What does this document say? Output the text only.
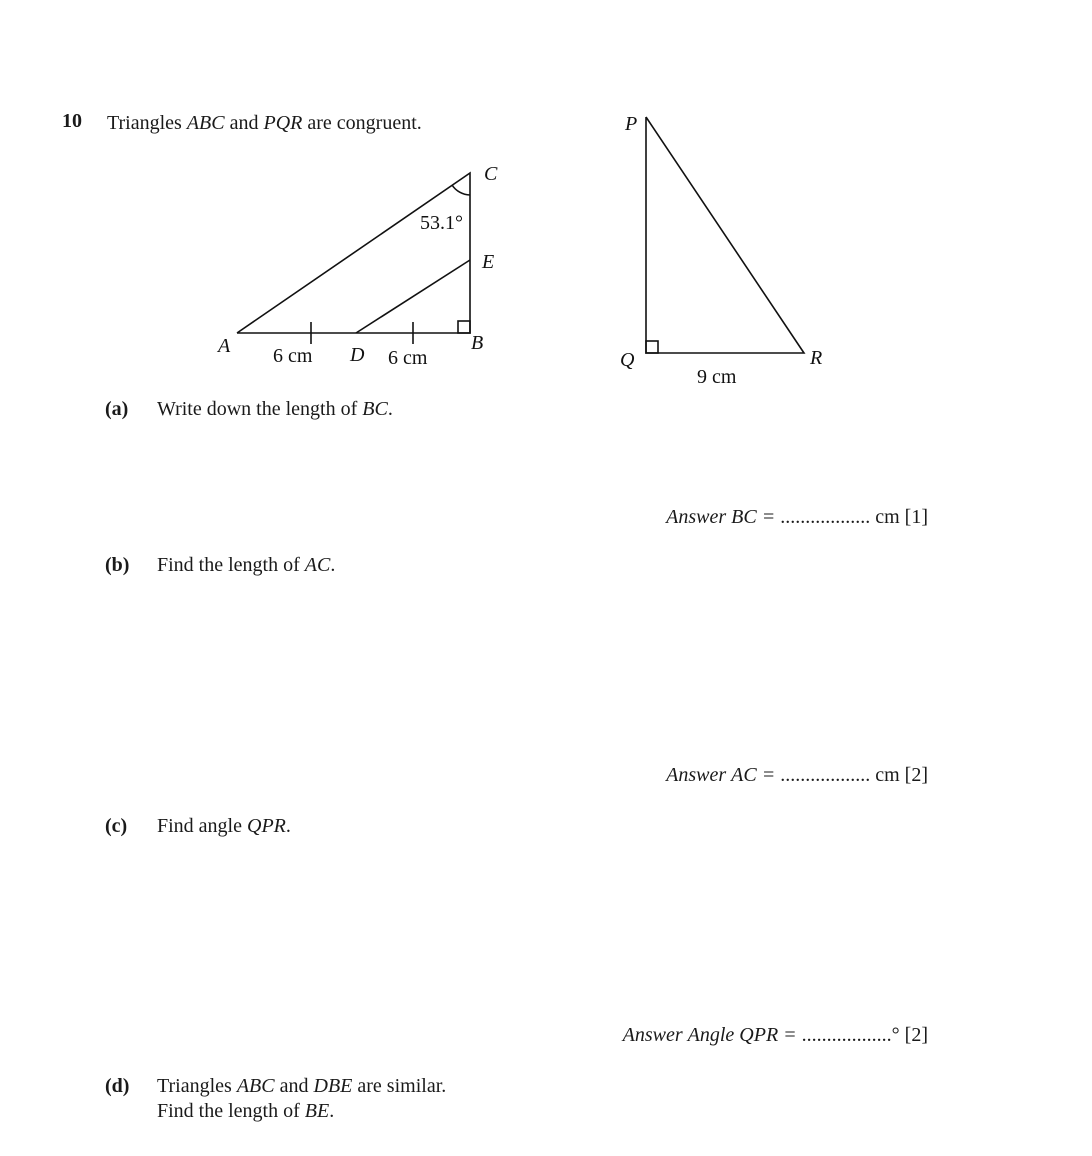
10 Triangles ABC and PQR are congruent.
C
53.1°
E
A	B
D
6 cm	6 cm
P
Q	R
9 cm
(a) Write down the length of BC.
Answer BC = .................. cm [1]
(b) Find the length of AC.
Answer AC = .................. cm [2]
(c) Find angle QPR.
Answer Angle QPR = ..................° [2]
(d) Triangles ABC and DBE are similar.
Find the length of BE.
